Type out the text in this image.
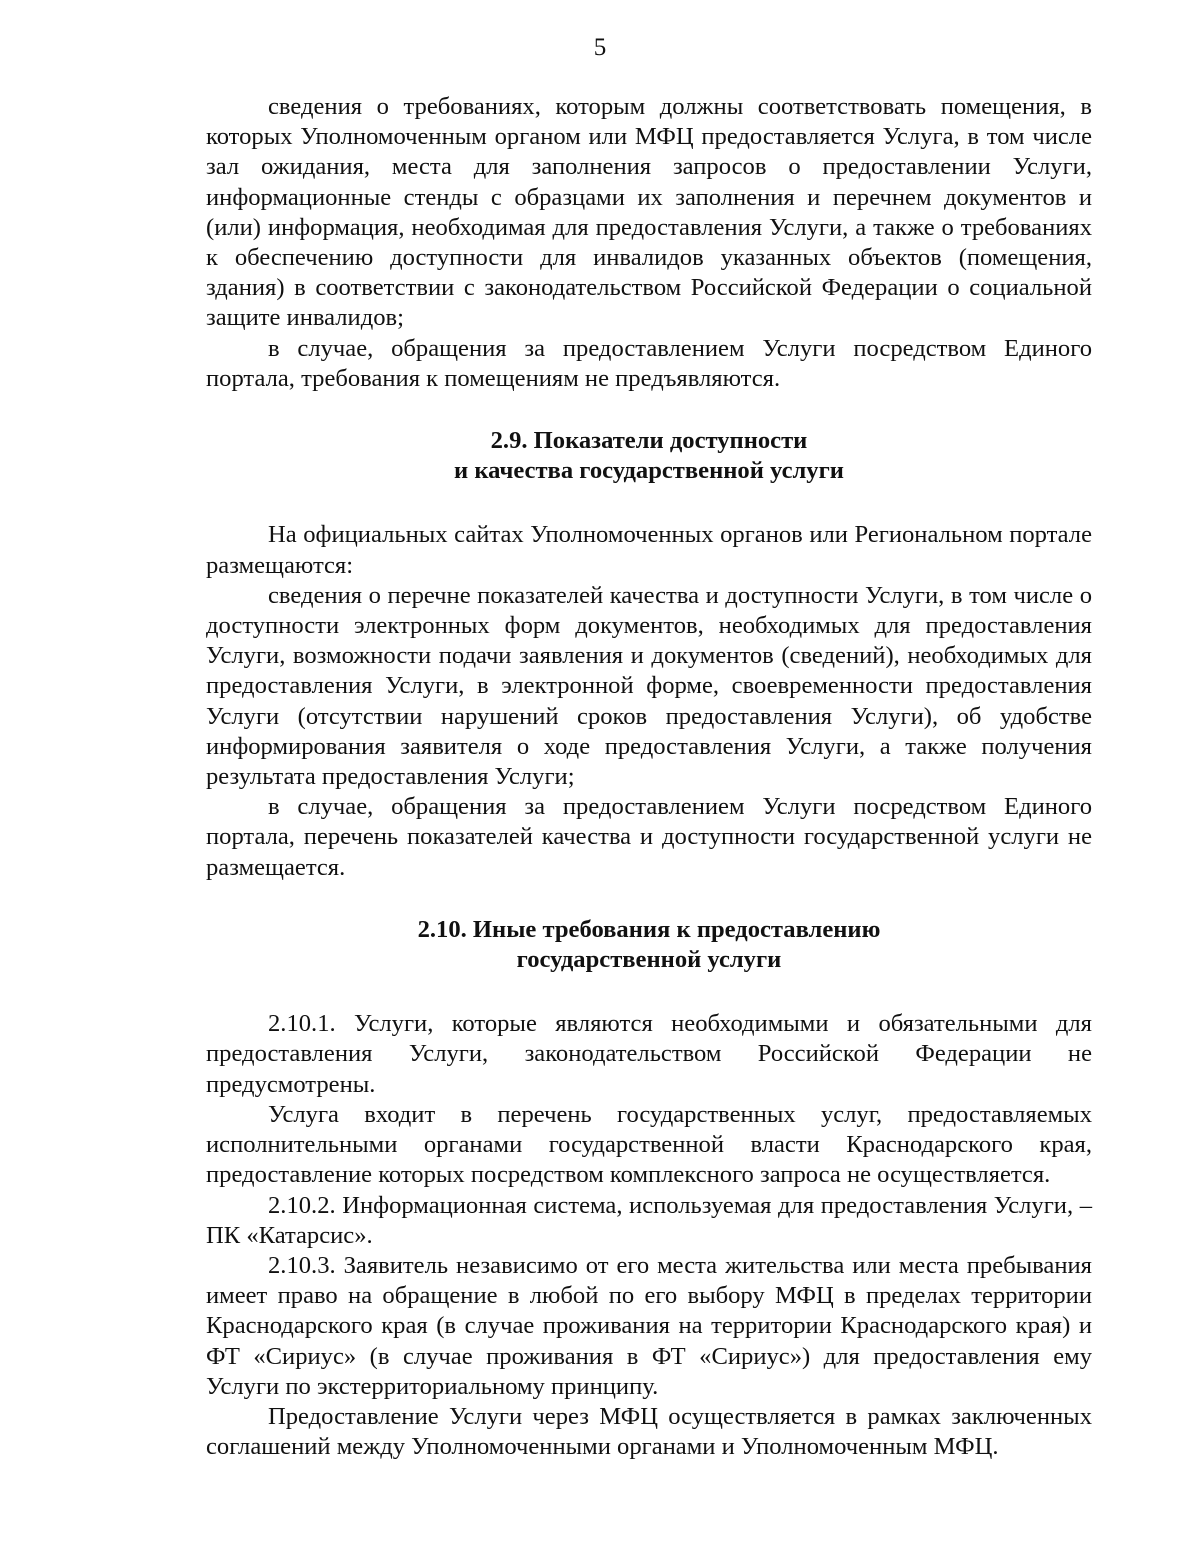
5

сведения о требованиях, которым должны соответствовать помещения, в которых Уполномоченным органом или МФЦ предоставляется Услуга, в том числе зал ожидания, места для заполнения запросов о предоставлении Услуги, информационные стенды с образцами их заполнения и перечнем документов и (или) информация, необходимая для предоставления Услуги, а также о требованиях к обеспечению доступности для инвалидов указанных объектов (помещения, здания) в соответствии с законодательством Российской Федерации о социальной защите инвалидов;

в случае, обращения за предоставлением Услуги посредством Единого портала, требования к помещениям не предъявляются.

2.9. Показатели доступности
и качества государственной услуги

На официальных сайтах Уполномоченных органов или Региональном портале размещаются:

сведения о перечне показателей качества и доступности Услуги, в том числе о доступности электронных форм документов, необходимых для предоставления Услуги, возможности подачи заявления и документов (сведений), необходимых для предоставления Услуги, в электронной форме, своевременности предоставления Услуги (отсутствии нарушений сроков предоставления Услуги), об удобстве информирования заявителя о ходе предоставления Услуги, а также получения результата предоставления Услуги;

в случае, обращения за предоставлением Услуги посредством Единого портала, перечень показателей качества и доступности государственной услуги не размещается.

2.10. Иные требования к предоставлению
государственной услуги

2.10.1. Услуги, которые являются необходимыми и обязательными для предоставления Услуги, законодательством Российской Федерации не предусмотрены.

Услуга входит в перечень государственных услуг, предоставляемых исполнительными органами государственной власти Краснодарского края, предоставление которых посредством комплексного запроса не осуществляется.

2.10.2. Информационная система, используемая для предоставления Услуги, – ПК «Катарсис».

2.10.3. Заявитель независимо от его места жительства или места пребывания имеет право на обращение в любой по его выбору МФЦ в пределах территории Краснодарского края (в случае проживания на территории Краснодарского края) и ФТ «Сириус» (в случае проживания в ФТ «Сириус») для предоставления ему Услуги по экстерриториальному принципу.

Предоставление Услуги через МФЦ осуществляется в рамках заключенных соглашений между Уполномоченными органами и Уполномоченным МФЦ.
